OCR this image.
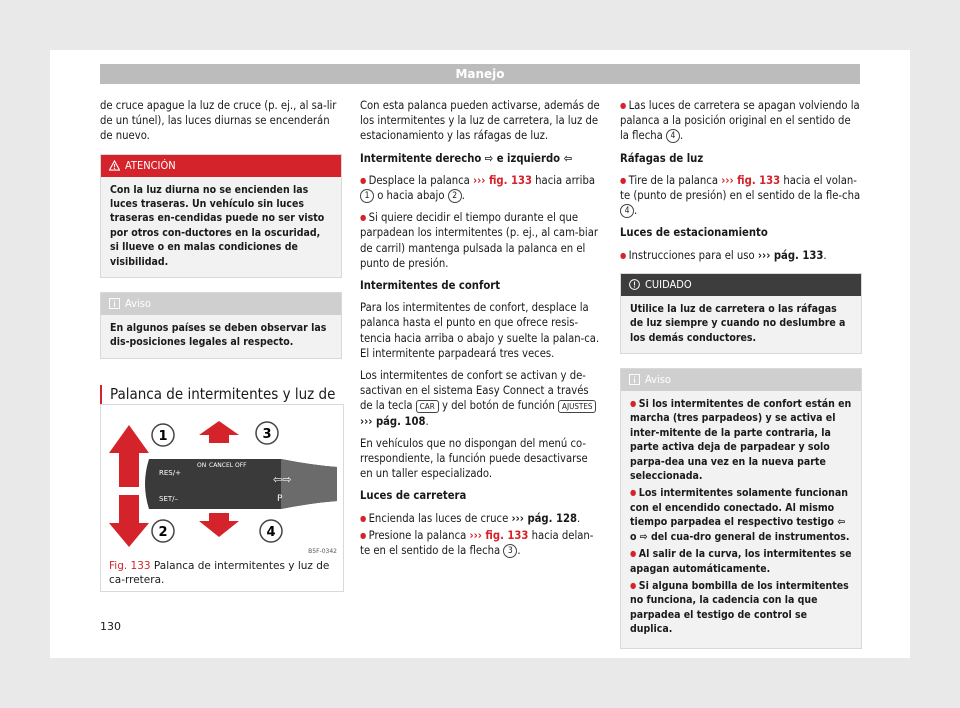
Manejo

de cruce apague la luz de cruce (p. ej., al sa-lir de un túnel), las luces diurnas se encenderán de nuevo.

ATENCIÓN
Con la luz diurna no se encienden las luces traseras. Un vehículo sin luces traseras en-cendidas puede no ser visto por otros con-ductores en la oscuridad, si llueve o en malas condiciones de visibilidad.
Aviso
En algunos países se deben observar las dis-posiciones legales al respecto.
Palanca de intermitentes y luz de
1
2
3
4
RES/+
SET/–
ON CANCEL OFF
⇦⇨
P
B5F-0342
Fig. 133 Palanca de intermitentes y luz de ca-rretera.

Con esta palanca pueden activarse, además de los intermitentes y la luz de carretera, la luz de estacionamiento y las ráfagas de luz.

Intermitente derecho ⇨ e izquierdo ⇦

● Desplace la palanca ››› fig. 133 hacia arriba 1 o hacia abajo 2 .

● Si quiere decidir el tiempo durante el que parpadean los intermitentes (p. ej., al cam-biar de carril) mantenga pulsada la palanca en el punto de presión.

Intermitentes de confort

Para los intermitentes de confort, desplace la palanca hasta el punto en que ofrece resis-tencia hacia arriba o abajo y suelte la palan-ca. El intermitente parpadeará tres veces.

Los intermitentes de confort se activan y de-sactivan en el sistema Easy Connect a través de la tecla CAR y del botón de función AJUSTES ››› pág. 108.

En vehículos que no dispongan del menú co-rrespondiente, la función puede desactivarse en un taller especializado.

Luces de carretera

● Encienda las luces de cruce ››› pág. 128.

● Presione la palanca ››› fig. 133 hacia delan-te en el sentido de la flecha 3 .

● Las luces de carretera se apagan volviendo la palanca a la posición original en el sentido de la flecha 4 .

Ráfagas de luz

● Tire de la palanca ››› fig. 133 hacia el volan-te (punto de presión) en el sentido de la fle-cha 4 .

Luces de estacionamiento

● Instrucciones para el uso ››› pág. 133.

CUIDADO
Utilice la luz de carretera o las ráfagas de luz siempre y cuando no deslumbre a los demás conductores.
Aviso
● Si los intermitentes de confort están en marcha (tres parpadeos) y se activa el inter-mitente de la parte contraria, la parte activa deja de parpadear y solo parpa-dea una vez en la nueva parte seleccionada.
● Los intermitentes solamente funcionan con el encendido conectado. Al mismo tiempo parpadea el respectivo testigo ⇦ o ⇨ del cua-dro general de instrumentos.
● Al salir de la curva, los intermitentes se apagan automáticamente.
● Si alguna bombilla de los intermitentes no funciona, la cadencia con la que parpadea el testigo de control se duplica.
130
